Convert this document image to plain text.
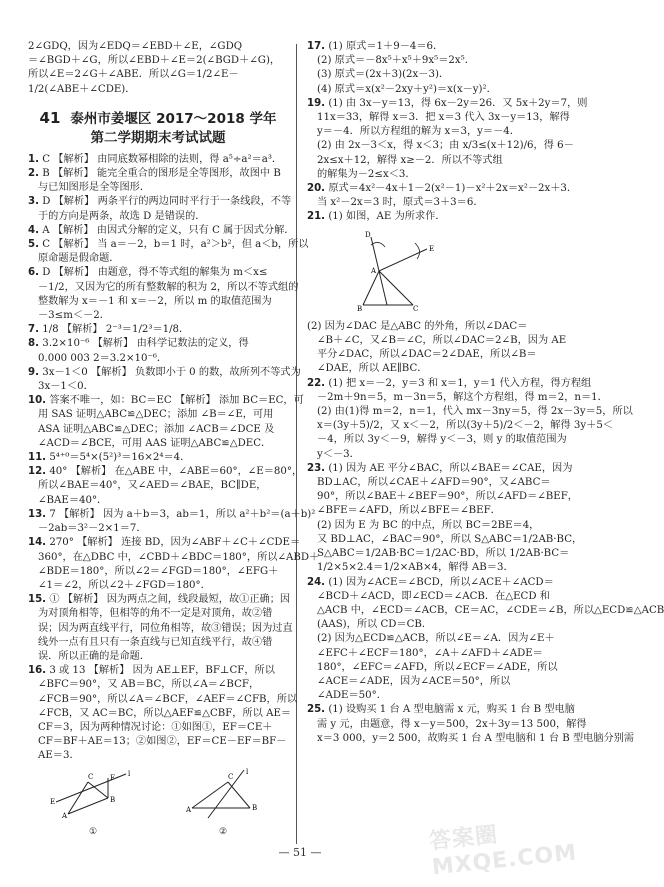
2∠GDQ，因为∠EDQ＝∠EBD＋∠E，∠GDQ
＝∠BGD＋∠G，所以∠EBD＋∠E＝2(∠BGD＋∠G)，
所以∠E＝2∠G＋∠ABE．所以∠G＝1/2∠E－
1/2(∠ABE＋∠CDE)．
41 泰州市姜堰区 2017～2018 学年
第二学期期末考试试题
1. C 【解析】 由同底数幂相除的法则，得 a⁵÷a²＝a³．
2. B 【解析】 能完全重合的图形是全等图形，故图中 B
与已知图形是全等图形．
3. D 【解析】 两条平行的两边同时平行于一条线段，不等
于的方向是两条，故选 D 是错误的．
4. A 【解析】 由因式分解的定义，只有 C 属于因式分解．
5. C 【解析】 当 a＝－2，b＝1 时，a²＞b²，但 a＜b，所以
原命题是假命题．
6. D 【解析】 由题意，得不等式组的解集为 m＜x≤
－1/2，又因为它的所有整数解的积为 2，所以不等式组的
整数解为 x＝－1 和 x＝－2，所以 m 的取值范围为
－3≤m＜－2．
7. 1/8 【解析】 2⁻³＝1/2³＝1/8．
8. 3.2×10⁻⁶ 【解析】 由科学记数法的定义，得
0.000 003 2＝3.2×10⁻⁶．
9. 3x－1＜0 【解析】 负数即小于 0 的数，故所列不等式为
3x－1＜0．
10. 答案不唯一，如：BC＝EC 【解析】 添加 BC＝EC，可
用 SAS 证明△ABC≌△DEC；添加 ∠B＝∠E，可用
ASA 证明△ABC≌△DEC；添加 ∠ACB＝∠DCE 及
∠ACD＝∠BCE，可用 AAS 证明△ABC≌△DEC．
11. 5⁴⁺⁰＝5⁴×(5²)³＝16×2⁴＝4．
12. 40° 【解析】 在△ABE 中，∠ABE＝60°，∠E＝80°，
所以∠BAE＝40°，又∠AED＝∠BAE，BC∥DE，
∠BAE＝40°．
13. 7 【解析】 因为 a＋b＝3，ab＝1，所以 a²＋b²＝(a＋b)²
－2ab＝3²－2×1＝7．
14. 270° 【解析】 连接 BD，因为∠ABF＋∠C＋∠CDE＝
360°，在△DBC 中，∠CBD＋∠BDC＝180°，所以∠ABD＋
∠BDE＝180°，所以∠2＝∠FGD＝180°，∠EFG＋
∠1＝∠2，所以∠2＋∠FGD＝180°．
15. ① 【解析】 因为两点之间，线段最短，故①正确；因
为对顶角相等，但相等的角不一定是对顶角，故②错
误；因为两直线平行，同位角相等，故③错误；因为过直
线外一点有且只有一条直线与已知直线平行，故④错
误．所以正确的是命题．
16. 3 或 13 【解析】 因为 AE⊥EF，BF⊥CF，所以
∠BFC＝90°，又 AB＝BC，所以∠A＝∠BCF，
∠FCB＝90°，所以∠A＝∠BCF，∠AEF＝∠CFB，所以
∠FCB，又 AC＝BC，所以△AEF≌△CBF，所以 AE＝
CF＝3，因为两种情况讨论：①如图①，EF＝CE＋
CF＝BF＋AE＝13；②如图②，EF＝CE－EF＝BF－
AE＝3．
E
A
C
B
F l
①
A
C
B
l
②
17. (1) 原式＝1＋9－4＝6．
(2) 原式＝－8x⁵＋x⁵＋9x⁵＝2x⁵．
(3) 原式＝(2x＋3)(2x－3)．
(4) 原式＝x(x²－2xy＋y²)＝x(x－y)²．
19. (1) 由 3x－y＝13，得 6x－2y＝26．又 5x＋2y＝7，则
11x＝33，解得 x＝3．把 x＝3 代入 3x－y＝13，解得
y＝－4．所以方程组的解为 x＝3，y＝－4．
(2) 由 2x－3＜x，得 x＜3；由 x/3≤(x＋12)/6，得 6－
2x≤x＋12，解得 x≥－2．所以不等式组
的解集为－2≤x＜3．
20. 原式＝4x²－4x＋1－2(x²－1)－x²＋2x＝x²－2x＋3．
当 x²－2x＝3 时，原式＝3＋3＝6．
21. (1) 如图，AE 为所求作．
D
A
E
B	C
(2) 因为∠DAC 是△ABC 的外角，所以∠DAC＝
∠B＋∠C，又∠B＝∠C，所以∠DAC＝2∠B，因为 AE
平分∠DAC，所以∠DAC＝2∠DAE，所以∠B＝
∠DAE，所以 AE∥BC．
22. (1) 把 x＝－2，y＝3 和 x＝1，y＝1 代入方程，得方程组
－2m＋9n＝5，m－3n＝5，解这个方程组，得 m＝2，n＝1．
(2) 由(1)得 m＝2，n＝1，代入 mx－3ny＝5，得 2x－3y＝5，所以
x＝(3y＋5)/2，又 x＜－2，所以(3y＋5)/2＜－2，解得 3y＋5＜
－4，所以 3y＜－9，解得 y＜－3，则 y 的取值范围为
y＜－3．
23. (1) 因为 AE 平分∠BAC，所以∠BAE＝∠CAE，因为
BD⊥AC，所以∠CAE＋∠AFD＝90°，又∠ABC＝
90°，所以∠BAE＋∠BEF＝90°，所以∠AFD＝∠BEF，
∠BFE＝∠AFD，所以∠BFE＝∠BEF．
(2) 因为 E 为 BC 的中点，所以 BC＝2BE＝4，
又 BD⊥AC，∠BAC＝90°，所以 S△ABC＝1/2AB·BC，
S△ABC＝1/2AB·BC＝1/2AC·BD，所以 1/2AB·BC＝
1/2×5×2.4＝1/2×AB×4，解得 AB＝3．
24. (1) 因为∠ACE＝∠BCD，所以∠ACE＋∠ACD＝
∠BCD＋∠ACD，即∠ECD＝∠ACB．在△ECD 和
△ACB 中，∠ECD＝∠ACB，CE＝AC，∠CDE＝∠B，所以△ECD≌△ACB
(AAS)，所以 CD＝CB．
(2) 因为△ECD≌△ACB，所以∠E＝∠A．因为∠E＋
∠EFC＋∠ECF＝180°，∠A＋∠AFD＋∠ADE＝
180°，∠EFC＝∠AFD，所以∠ECF＝∠ADE，所以
∠ACE＝∠ADE，因为∠ACE＝50°，所以
∠ADE＝50°．
25. (1) 设购买 1 台 A 型电脑需 x 元，购买 1 台 B 型电脑
需 y 元，由题意，得 x－y＝500，2x＋3y＝13 500，解得
x＝3 000，y＝2 500，故购买 1 台 A 型电脑和 1 台 B 型电脑分别需
— 51 —	答案圈 MXQE.COM
